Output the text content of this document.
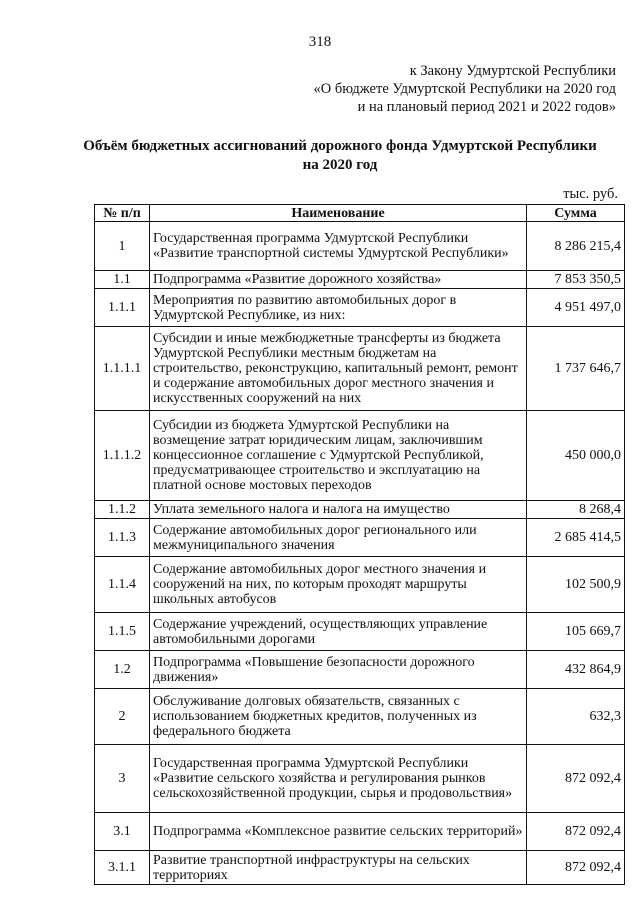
318
к Закону Удмуртской Республики
«О бюджете Удмуртской Республики на 2020 год
и на плановый период 2021 и 2022 годов»
Объём бюджетных ассигнований дорожного фонда Удмуртской Республики
на 2020 год
тыс. руб.
№ п/п	Наименование	Сумма
1	Государственная программа Удмуртской Республики «Развитие транспортной системы Удмуртской Республики»	8 286 215,4
1.1	Подпрограмма «Развитие дорожного хозяйства»	7 853 350,5
1.1.1	Мероприятия по развитию автомобильных дорог в Удмуртской Республике, из них:	4 951 497,0
1.1.1.1	Субсидии и иные межбюджетные трансферты из бюджета Удмуртской Республики местным бюджетам на строительство, реконструкцию, капитальный ремонт, ремонт и содержание автомобильных дорог местного значения и искусственных сооружений на них	1 737 646,7
1.1.1.2	Субсидии из бюджета Удмуртской Республики на возмещение затрат юридическим лицам, заключившим концессионное соглашение с Удмуртской Республикой, предусматривающее строительство и эксплуатацию на платной основе мостовых переходов	450 000,0
1.1.2	Уплата земельного налога и налога на имущество	8 268,4
1.1.3	Содержание автомобильных дорог регионального или межмуниципального значения	2 685 414,5
1.1.4	Содержание автомобильных дорог местного значения и сооружений на них, по которым проходят маршруты школьных автобусов	102 500,9
1.1.5	Содержание учреждений, осуществляющих управление автомобильными дорогами	105 669,7
1.2	Подпрограмма «Повышение безопасности дорожного движения»	432 864,9
2	Обслуживание долговых обязательств, связанных с использованием бюджетных кредитов, полученных из федерального бюджета	632,3
3	Государственная программа Удмуртской Республики «Развитие сельского хозяйства и регулирования рынков сельскохозяйственной продукции, сырья и продовольствия»	872 092,4
3.1	Подпрограмма «Комплексное развитие сельских территорий»	872 092,4
3.1.1	Развитие транспортной инфраструктуры на сельских территориях	872 092,4
